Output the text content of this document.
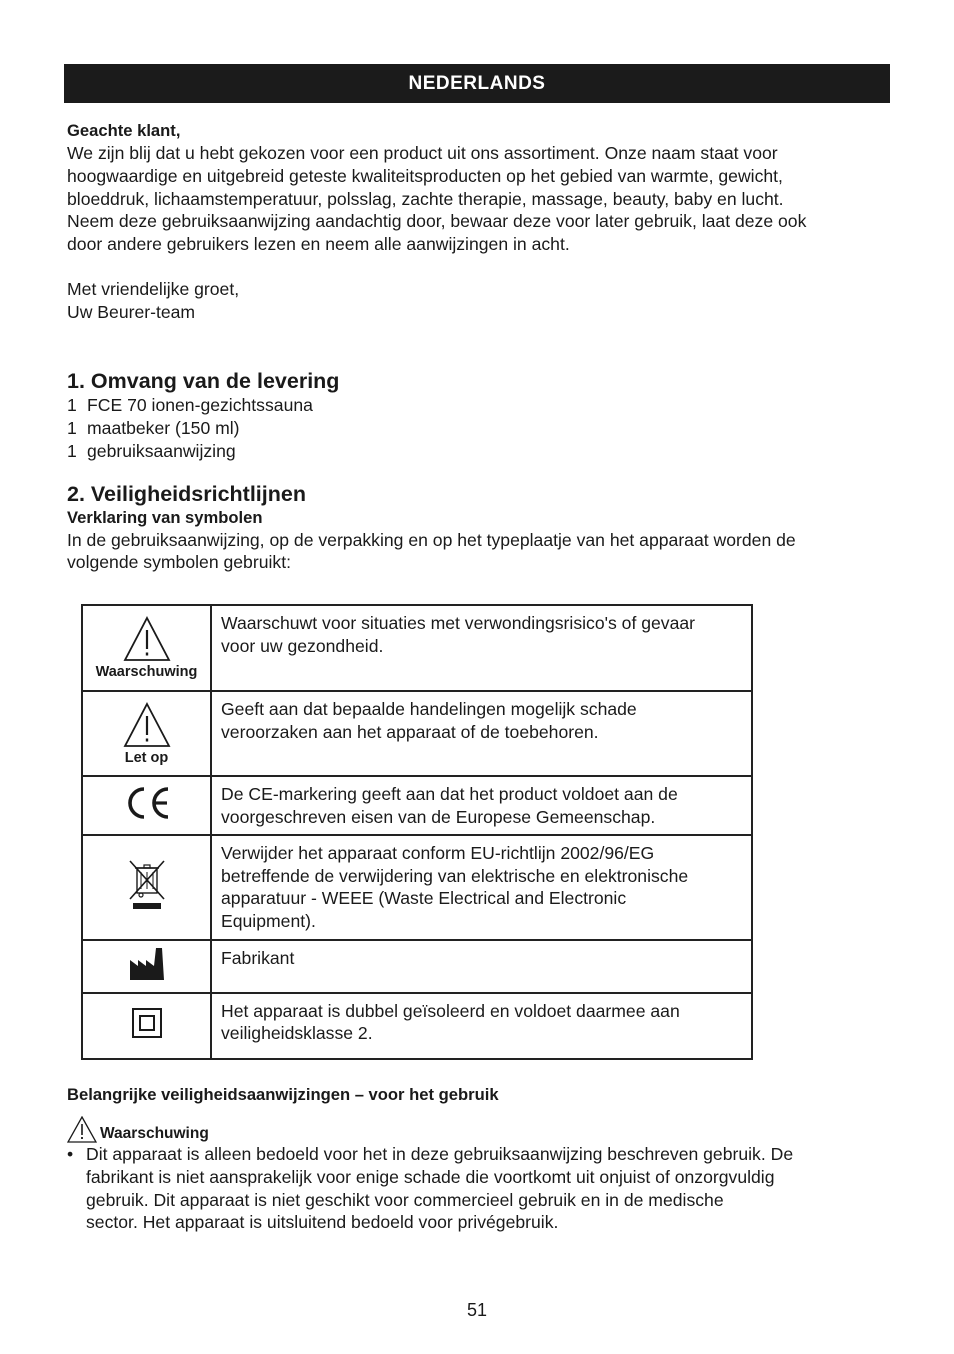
NEDERLANDS

Geachte klant,

We zijn blij dat u hebt gekozen voor een product uit ons assortiment. Onze naam staat voor

hoogwaardige en uitgebreid geteste kwaliteitsproducten op het gebied van warmte, gewicht,

bloeddruk, lichaamstemperatuur, polsslag, zachte therapie, massage, beauty, baby en lucht.

Neem deze gebruiksaanwijzing aandachtig door, bewaar deze voor later gebruik, laat deze ook

door andere gebruikers lezen en neem alle aanwijzingen in acht.

Met vriendelijke groet,

Uw Beurer-team

1. Omvang van de levering

1 FCE 70 ionen-gezichtssauna
1 maatbeker (150 ml)
1 gebruiksaanwijzing

2. Veiligheidsrichtlijnen

Verklaring van symbolen

In de gebruiksaanwijzing, op de verpakking en op het typeplaatje van het apparaat worden de

volgende symbolen gebruikt:

Waarschuwing	Waarschuwt voor situaties met verwondingsrisico's of gevaar
voor uw gezondheid.

Let op	Geeft aan dat bepaalde handelingen mogelijk schade
veroorzaken aan het apparaat of de toebehoren.

De CE-markering geeft aan dat het product voldoet aan de
voorgeschreven eisen van de Europese Gemeenschap.

Verwijder het apparaat conform EU-richtlijn 2002/96/EG
betreffende de verwijdering van elektrische en elektronische
apparatuur - WEEE (Waste Electrical and Electronic
Equipment).

Fabrikant

Het apparaat is dubbel geïsoleerd en voldoet daarmee aan
veiligheidsklasse 2.

Belangrijke veiligheidsaanwijzingen – voor het gebruik

Waarschuwing
• Dit apparaat is alleen bedoeld voor het in deze gebruiksaanwijzing beschreven gebruik. De
fabrikant is niet aansprakelijk voor enige schade die voortkomt uit onjuist of onzorgvuldig
gebruik. Dit apparaat is niet geschikt voor commercieel gebruik en in de medische
sector. Het apparaat is uitsluitend bedoeld voor privégebruik.
51
